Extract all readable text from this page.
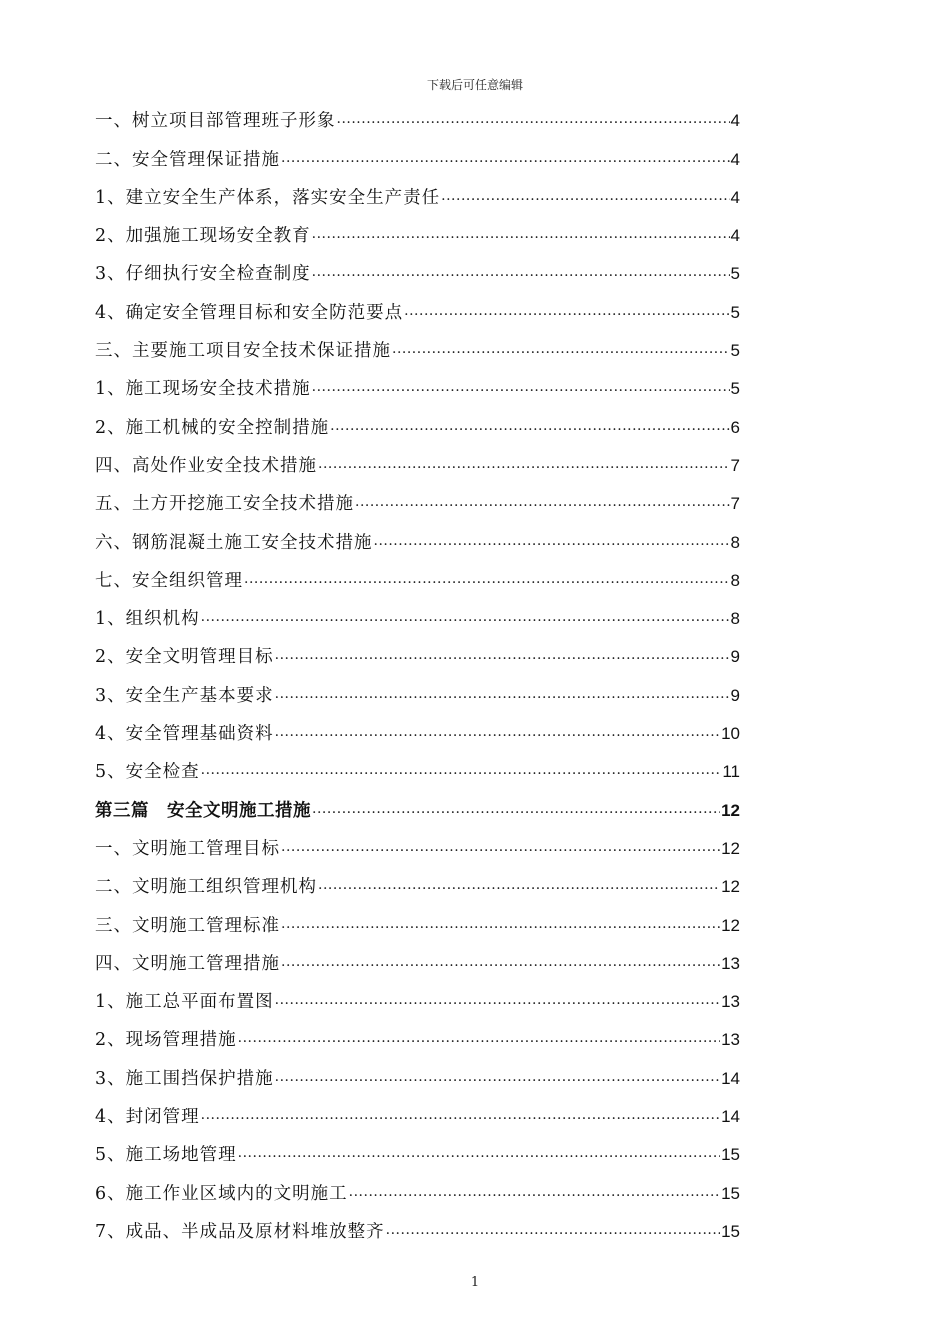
下载后可任意编辑
一、树立项目部管理班子形象 ·····	4
二、安全管理保证措施 ·····	4
1、建立安全生产体系，落实安全生产责任 ·····	4
2、加强施工现场安全教育 ·····	4
3、仔细执行安全检查制度 ·····	5
4、确定安全管理目标和安全防范要点 ·····	5
三、主要施工项目安全技术保证措施 ·····	5
1、施工现场安全技术措施 ·····	5
2、施工机械的安全控制措施 ·····	6
四、高处作业安全技术措施 ·····	7
五、土方开挖施工安全技术措施 ·····	7
六、钢筋混凝土施工安全技术措施 ·····	8
七、安全组织管理 ·····	8
1、组织机构 ·····	8
2、安全文明管理目标 ·····	9
3、安全生产基本要求 ·····	9
4、安全管理基础资料 ·····	10
5、安全检查 ·····	11
第三篇　安全文明施工措施 ·····	12
一、文明施工管理目标 ·····	12
二、文明施工组织管理机构 ·····	12
三、文明施工管理标准 ·····	12
四、文明施工管理措施 ·····	13
1、施工总平面布置图 ·····	13
2、现场管理措施 ·····	13
3、施工围挡保护措施 ·····	14
4、封闭管理 ·····	14
5、施工场地管理 ·····	15
6、施工作业区域内的文明施工 ·····	15
7、成品、半成品及原材料堆放整齐 ·····	15
1
